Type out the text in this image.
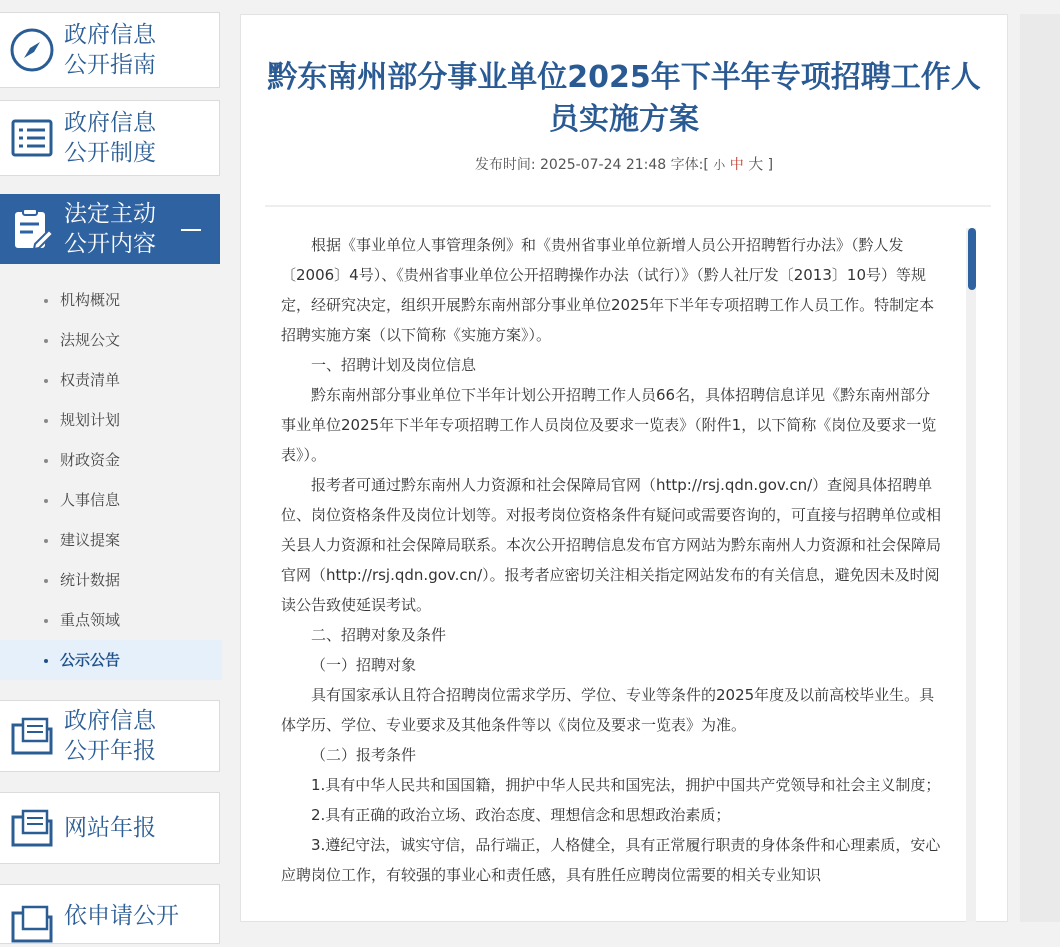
政府信息
公开指南
政府信息
公开制度
法定主动
公开内容
机构概况
法规公文
权责清单
规划计划
财政资金
人事信息
建议提案
统计数据
重点领域
公示公告
政府信息
公开年报
网站年报
依申请公开
黔东南州部分事业单位2025年下半年专项招聘工作人员实施方案
发布时间: 2025-07-24 21:48 字体:[ 小 中 大 ]

根据《事业单位人事管理条例》和《贵州省事业单位新增人员公开招聘暂行办法》（黔人发〔2006〕4号）、《贵州省事业单位公开招聘操作办法（试行）》（黔人社厅发〔2013〕10号）等规定，经研究决定，组织开展黔东南州部分事业单位2025年下半年专项招聘工作人员工作。特制定本招聘实施方案（以下简称《实施方案》）。

一、招聘计划及岗位信息

黔东南州部分事业单位下半年计划公开招聘工作人员66名，具体招聘信息详见《黔东南州部分事业单位2025年下半年专项招聘工作人员岗位及要求一览表》（附件1，以下简称《岗位及要求一览表》）。

报考者可通过黔东南州人力资源和社会保障局官网（http://rsj.qdn.gov.cn/）查阅具体招聘单位、岗位资格条件及岗位计划等。对报考岗位资格条件有疑问或需要咨询的，可直接与招聘单位或相关县人力资源和社会保障局联系。本次公开招聘信息发布官方网站为黔东南州人力资源和社会保障局官网（http://rsj.qdn.gov.cn/）。报考者应密切关注相关指定网站发布的有关信息，避免因未及时阅读公告致使延误考试。

二、招聘对象及条件

（一）招聘对象

具有国家承认且符合招聘岗位需求学历、学位、专业等条件的2025年度及以前高校毕业生。具体学历、学位、专业要求及其他条件等以《岗位及要求一览表》为准。

（二）报考条件

1.具有中华人民共和国国籍，拥护中华人民共和国宪法，拥护中国共产党领导和社会主义制度；

2.具有正确的政治立场、政治态度、理想信念和思想政治素质；

3.遵纪守法，诚实守信，品行端正，人格健全，具有正常履行职责的身体条件和心理素质，安心应聘岗位工作，有较强的事业心和责任感，具有胜任应聘岗位需要的相关专业知识
